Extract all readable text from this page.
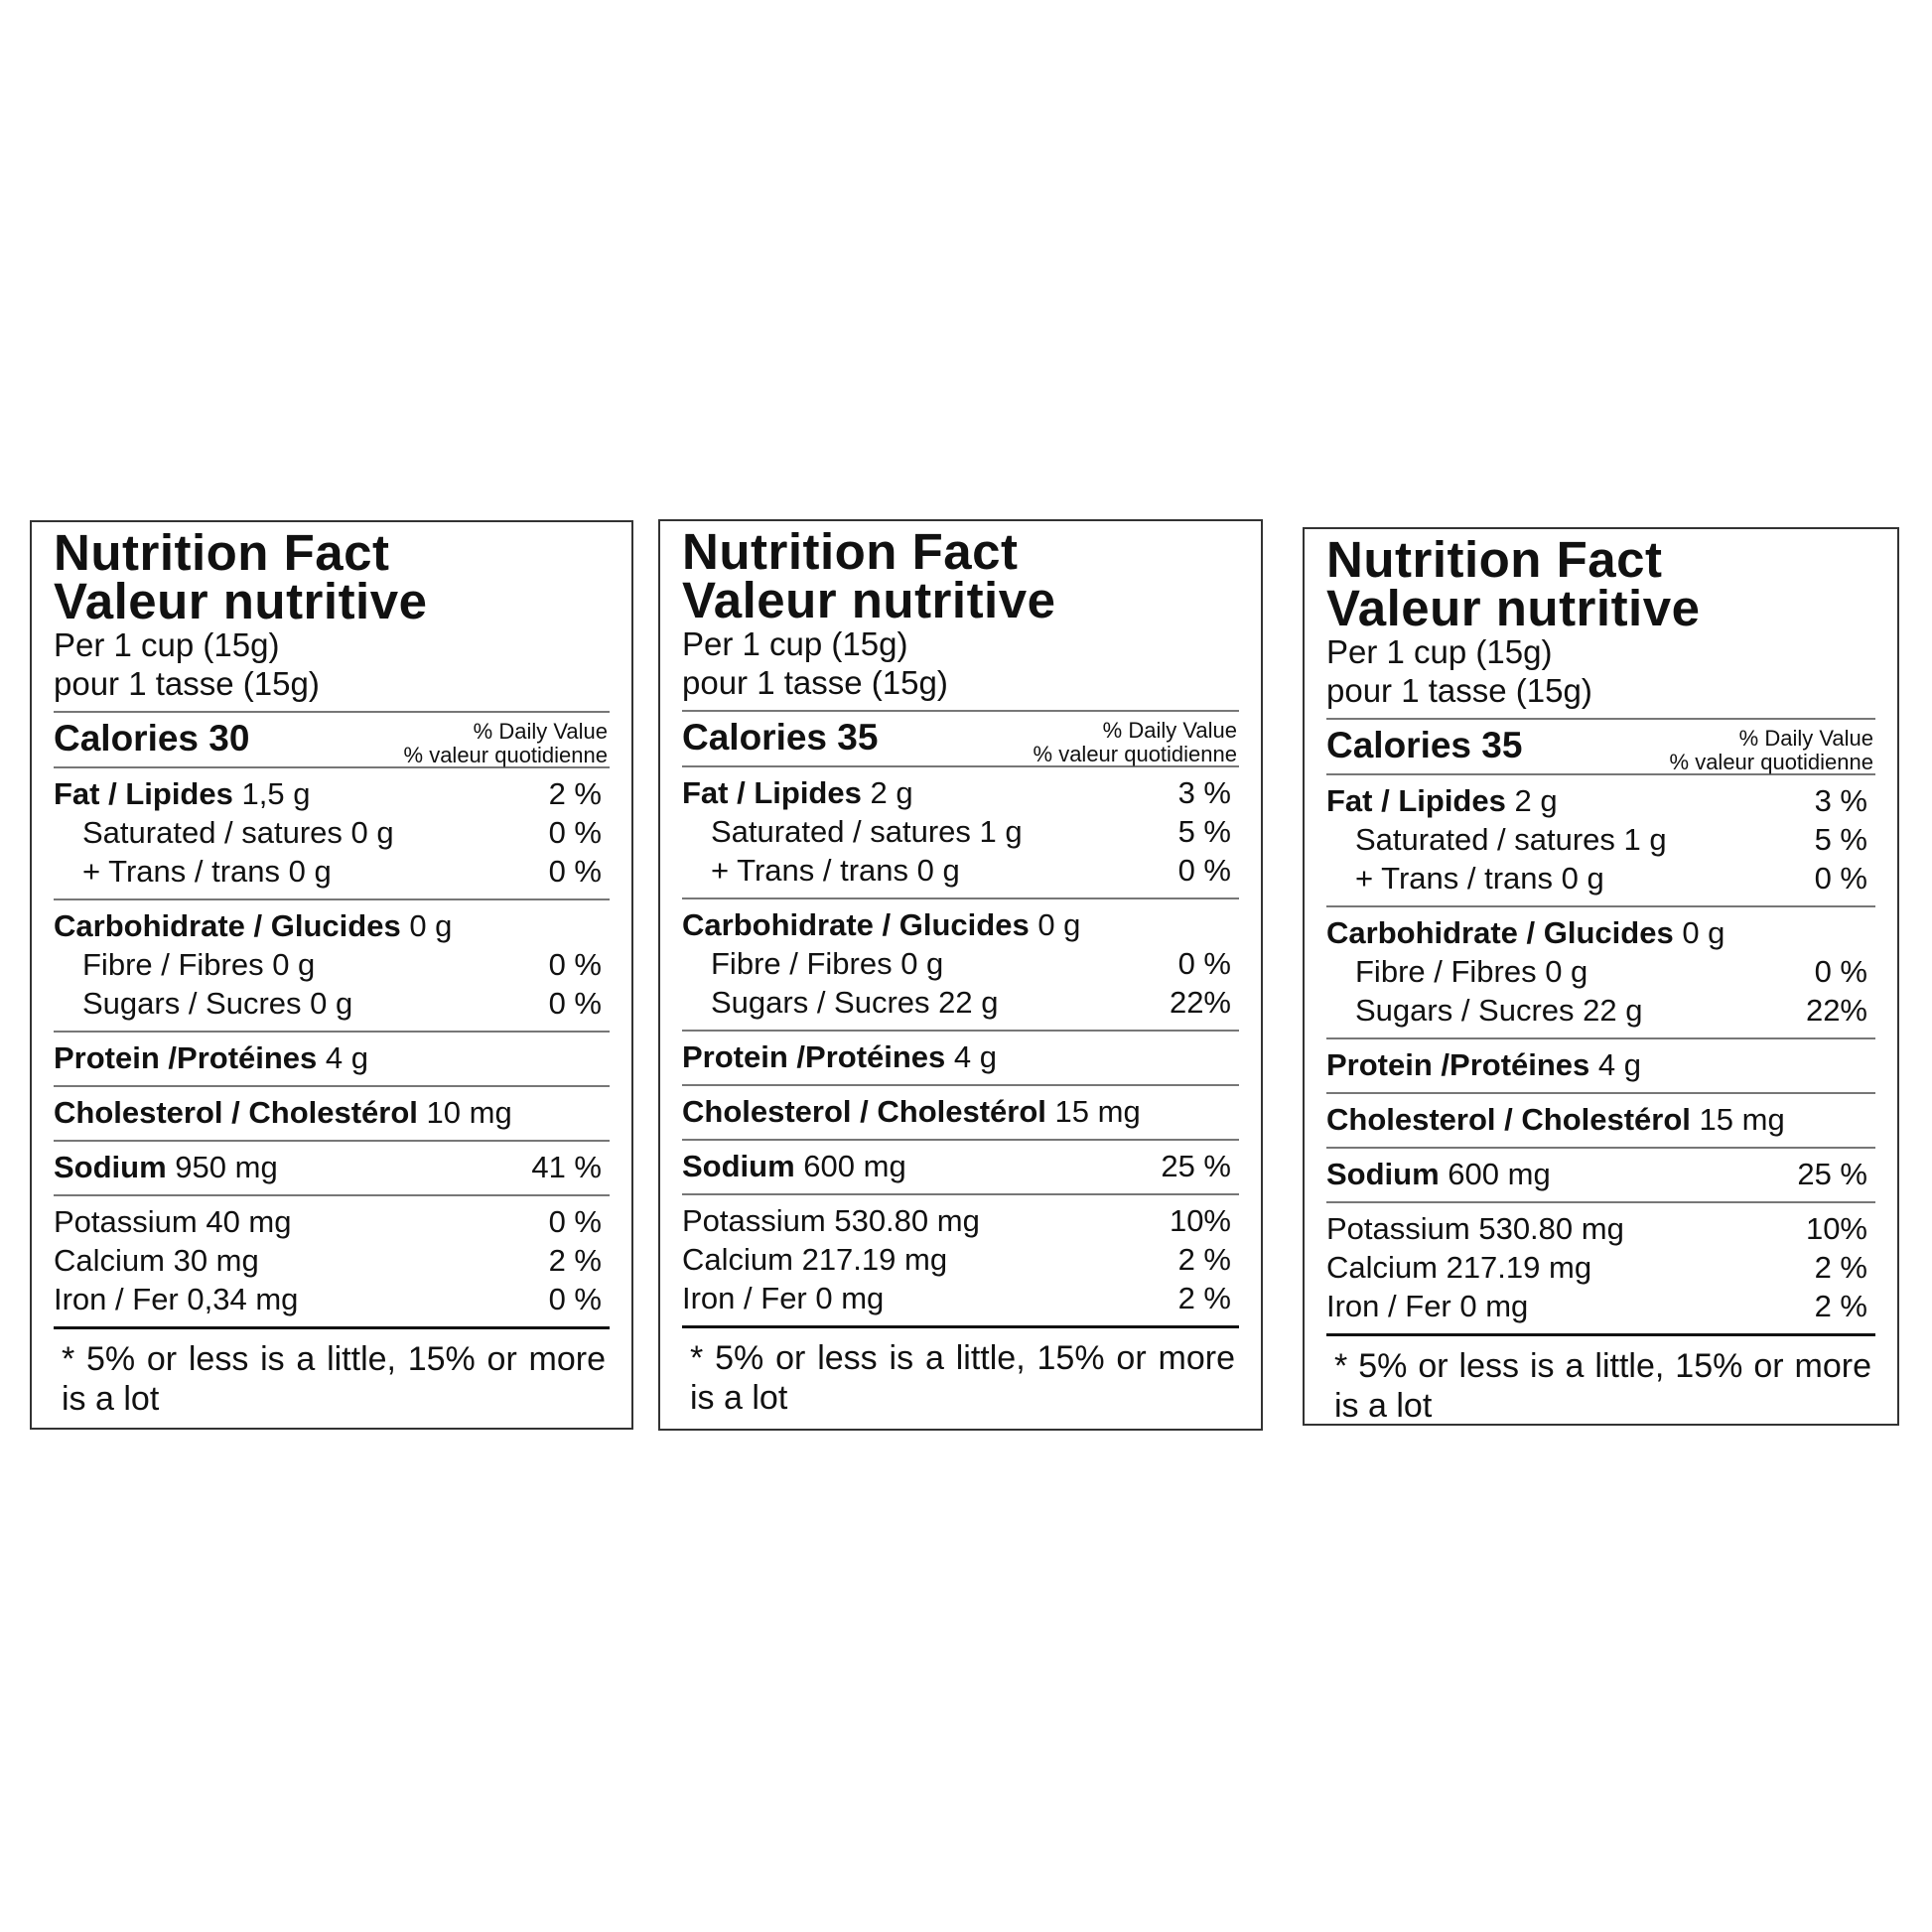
Nutrition Fact
Valeur nutritive
Per 1 cup (15g)
pour 1 tasse (15g)
Calories 30	% Daily Value
% valeur quotidienne
Fat / Lipides 1,5 g	2 %
Saturated / satures 0 g	0 %
+ Trans / trans 0 g	0 %
Carbohidrate / Glucides 0 g
Fibre / Fibres 0 g	0 %
Sugars / Sucres 0 g	0 %
Protein /Protéines 4 g
Cholesterol / Cholestérol 10 mg
Sodium 950 mg	41 %
Potassium 40 mg	0 %
Calcium 30 mg	2 %
Iron / Fer 0,34 mg	0 %
* 5% or less is a little, 15% or more is a lot
Nutrition Fact
Valeur nutritive
Per 1 cup (15g)
pour 1 tasse (15g)
Calories 35	% Daily Value
% valeur quotidienne
Fat / Lipides 2 g	3 %
Saturated / satures 1 g	5 %
+ Trans / trans 0 g	0 %
Carbohidrate / Glucides 0 g
Fibre / Fibres 0 g	0 %
Sugars / Sucres 22 g	22%
Protein /Protéines 4 g
Cholesterol / Cholestérol 15 mg
Sodium 600 mg	25 %
Potassium 530.80 mg	10%
Calcium 217.19 mg	2 %
Iron / Fer 0 mg	2 %
* 5% or less is a little, 15% or more is a lot
Nutrition Fact
Valeur nutritive
Per 1 cup (15g)
pour 1 tasse (15g)
Calories 35	% Daily Value
% valeur quotidienne
Fat / Lipides 2 g	3 %
Saturated / satures 1 g	5 %
+ Trans / trans 0 g	0 %
Carbohidrate / Glucides 0 g
Fibre / Fibres 0 g	0 %
Sugars / Sucres 22 g	22%
Protein /Protéines 4 g
Cholesterol / Cholestérol 15 mg
Sodium 600 mg	25 %
Potassium 530.80 mg	10%
Calcium 217.19 mg	2 %
Iron / Fer 0 mg	2 %
* 5% or less is a little, 15% or more is a lot
